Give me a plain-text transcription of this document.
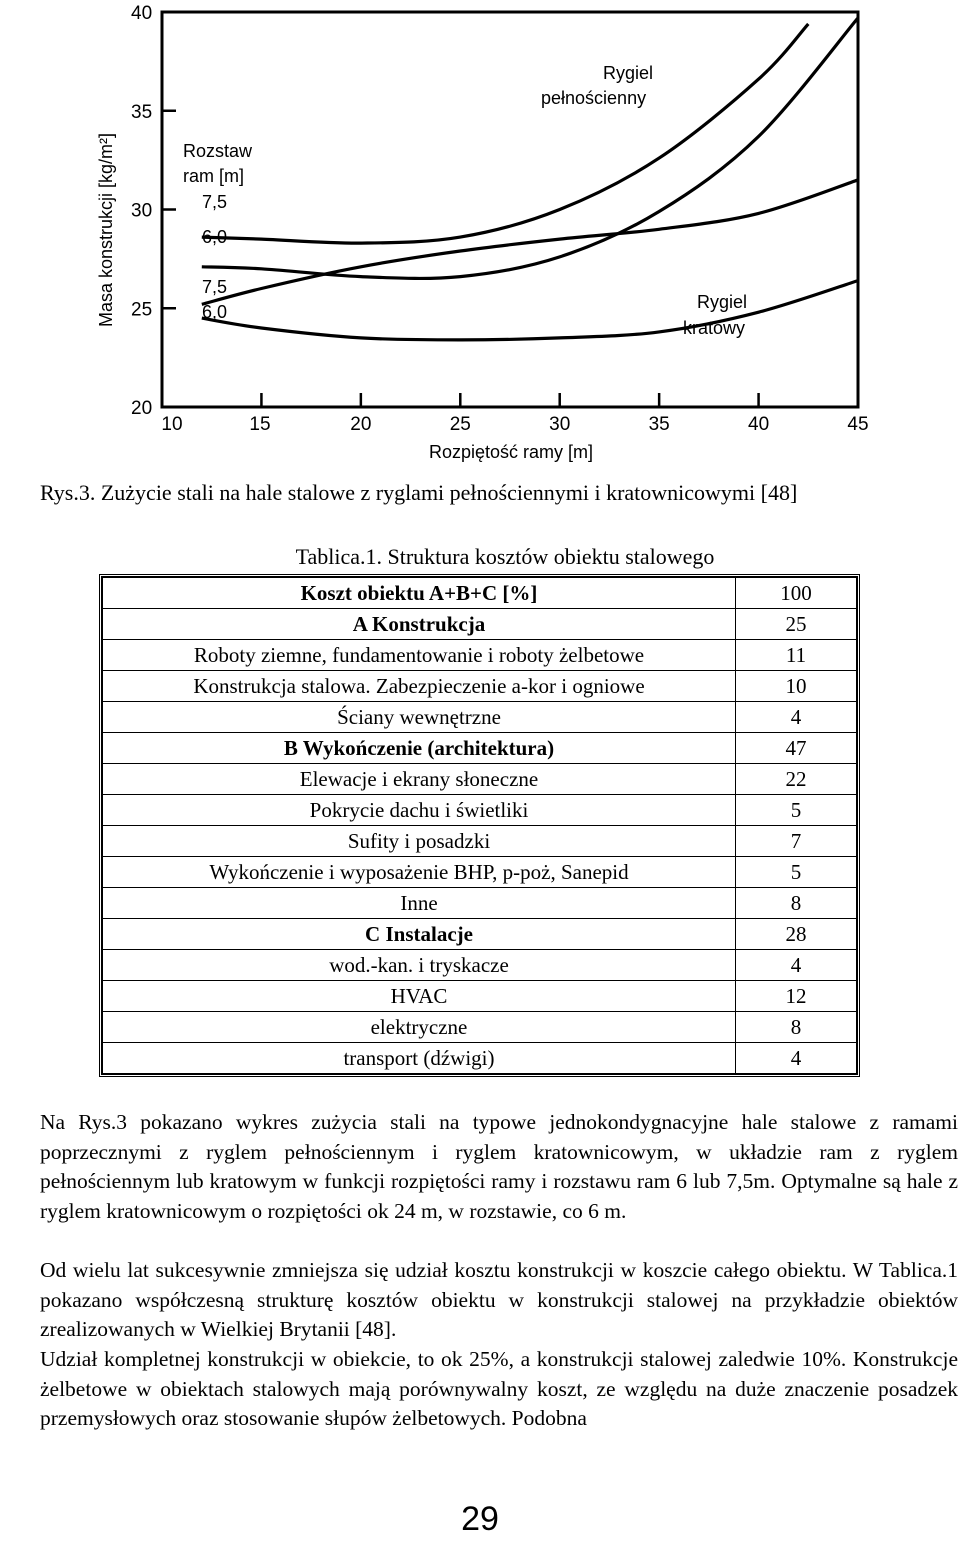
20
25
30
35
40
10	15	20	25	30	35	40	45
Rozpiętość ramy [m]
Masa konstrukcji [kg/m²]	Rozstaw
ram [m]
7,5
6,0
7,5
6,0
Rygiel
pełnościenny
Rygiel
kratowy
Rys.3. Zużycie stali na hale stalowe z ryglami pełnościennymi i kratownicowymi [48]
Tablica.1. Struktura kosztów obiektu stalowego
Koszt obiektu A+B+C [%]	100
A Konstrukcja	25
Roboty ziemne, fundamentowanie i roboty żelbetowe	11
Konstrukcja stalowa. Zabezpieczenie a-kor i ogniowe	10
Ściany wewnętrzne	4
B Wykończenie (architektura)	47
Elewacje i ekrany słoneczne	22
Pokrycie dachu i świetliki	5
Sufity i posadzki	7
Wykończenie i wyposażenie BHP, p-poż, Sanepid	5
Inne	8
C Instalacje	28
wod.-kan. i tryskacze	4
HVAC	12
elektryczne	8
transport (dźwigi)	4
Na Rys.3 pokazano wykres zużycia stali na typowe jednokondygnacyjne hale stalowe z ramami poprzecznymi z ryglem pełnościennym i ryglem kratownicowym, w układzie ram z ryglem pełnościennym lub kratowym w funkcji rozpiętości ramy i rozstawu ram 6 lub 7,5m. Optymalne są hale z ryglem kratownicowym o rozpiętości ok 24 m, w rozstawie, co 6 m.
Od wielu lat sukcesywnie zmniejsza się udział kosztu konstrukcji w koszcie całego obiektu. W Tablica.1 pokazano współczesną strukturę kosztów obiektu w konstrukcji stalowej na przykładzie obiektów zrealizowanych w Wielkiej Brytanii [48].
Udział kompletnej konstrukcji w obiekcie, to ok 25%, a konstrukcji stalowej zaledwie 10%. Konstrukcje żelbetowe w obiektach stalowych mają porównywalny koszt, ze względu na duże znaczenie posadzek przemysłowych oraz stosowanie słupów żelbetowych. Podobna
29
